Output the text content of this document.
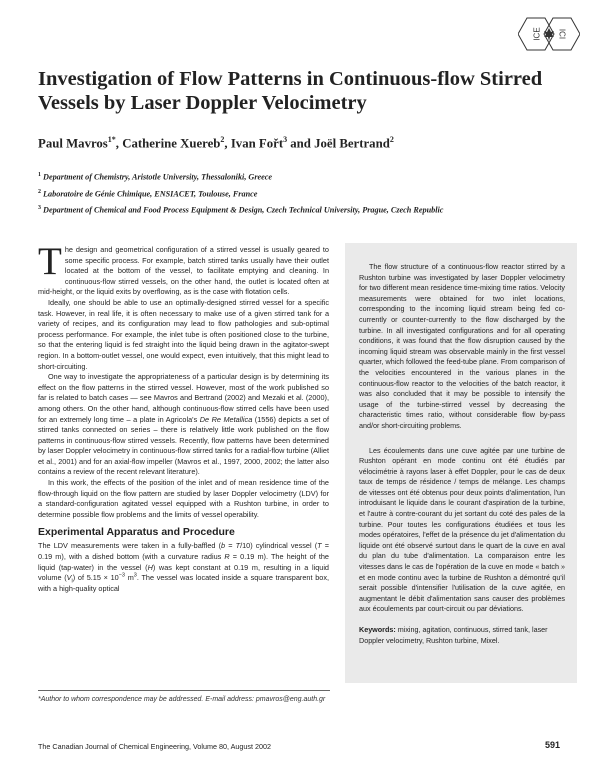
ICE ICI
Investigation of Flow Patterns in Continuous-flow Stirred Vessels by Laser Doppler Velocimetry
Paul Mavros$^{1*}$, Catherine Xuereb$^2$, Ivan Fořt$^3$ and Joël Bertrand$^2$
$^1$ Department of Chemistry, Aristotle University, Thessaloniki, Greece
$^2$ Laboratoire de Génie Chimique, ENSIACET, Toulouse, France
$^3$ Department of Chemical and Food Process Equipment & Design, Czech Technical University, Prague, Czech Republic

The design and geometrical configuration of a stirred vessel is usually geared to some specific process. For example, batch stirred tanks usually have their outlet located at the bottom of the vessel, to facilitate emptying and cleaning. In continuous-flow stirred vessels, on the other hand, the outlet is located often at mid-height, or the liquid exits by overflowing, as is the case with flotation cells.

Ideally, one should be able to use an optimally-designed stirred vessel for a specific task. However, in real life, it is often necessary to make use of a given stirred tank for a variety of recipes, and its configuration may lead to flow pathologies and sub-optimal process performance. For example, the inlet tube is often positioned close to the turbine, so that the entering liquid is fed straight into the liquid being drawn in the agitator-swept region. In a bottom-outlet vessel, one would expect, even intuitively, that this might lead to short-circuiting.

One way to investigate the appropriateness of a particular design is by determining its effect on the flow patterns in the stirred vessel. However, most of the work published so far is related to batch cases — see Mavros and Bertrand (2002) and Mezaki et al. (2000), among others. On the other hand, although continuous-flow stirred cells have been used for an extremely long time – a plate in Agricola's De Re Metallica (1556) depicts a set of stirred tanks connected on series – there is relatively little work published on the flow patterns in continuous-flow stirred vessels. Recently, flow patterns have been determined by laser Doppler velocimetry in continuous-flow stirred tanks for a radial-flow turbine (Alliet et al., 2001) and for an axial-flow impeller (Mavros et al., 1997, 2000, 2002; the latter also contains a review of the recent relevant literature).

In this work, the effects of the position of the inlet and of mean residence time of the flow-through liquid on the flow pattern are studied by laser Doppler velocimetry (LDV) for a standard-configuration agitated vessel equipped with a Rushton turbine, in order to determine possible flow problems and the limits of vessel operability.

Experimental Apparatus and Procedure

The LDV measurements were taken in a fully-baffled (b = T/10) cylindrical vessel (T = 0.19 m), with a dished bottom (with a curvature radius R = 0.19 m). The height of the liquid (tap-water) in the vessel (H) was kept constant at 0.19 m, resulting in a liquid volume $(V_l)$ of $5.15 \times 10^{-3}$ $m^3$. The vessel was located inside a square transparent box, with a high-quality optical

The flow structure of a continuous-flow reactor stirred by a Rushton turbine was investigated by laser Doppler velocimetry for two different mean residence time-mixing time ratios. Velocity measurements were obtained for two inlet locations, corresponding to the incoming liquid stream being fed co-currently or counter-currently to the flow discharged by the turbine. In all investigated configurations and for all operating conditions, it was found that the flow disruption caused by the incoming liquid stream was observable mainly in the first vessel quarter, which followed the feed-tube plane. From comparison of the velocities encountered in the various planes in the continuous-flow reactor to the velocities of the batch reactor, it was also concluded that it may be possible to intensify the usage of the turbine-stirred vessel by decreasing the characteristic times ratio, without considerable flow by-pass and/or short-circuiting problems.

Les écoulements dans une cuve agitée par une turbine de Rushton opérant en mode continu ont été étudiés par vélocimétrie à rayons laser à effet Doppler, pour le cas de deux taux de temps de résidence / temps de mélange. Les champs de vitesses ont été obtenus pour deux points d'alimentation, l'un introduisant le liquide dans le courant d'aspiration de la turbine, et l'autre à contre-courant du jet sortant du coté des pales de la turbine. Pour toutes les configurations étudiées et tous les modes opératoires, l'effet de la présence du jet d'alimentation du liquide ont été observé surtout dans le quart de la cuve en aval du plan du tube d'alimentation. La comparaison entre les vitesses dans le cas de l'opération de la cuve en mode « batch » et en mode continu avec la turbine de Rushton a démontré qu'il serait possible d'intensifier l'utilisation de la cuve agitée, en augmentant le débit d'alimentation sans causer des problèmes aux écoulements par court-circuit ou par déviations.

Keywords: mixing, agitation, continuous, stirred tank, laser Doppler velocimetry, Rushton turbine, Mixel.

*Author to whom correspondence may be addressed. E-mail address: pmavros@eng.auth.gr
The Canadian Journal of Chemical Engineering, Volume 80, August 2002	591
